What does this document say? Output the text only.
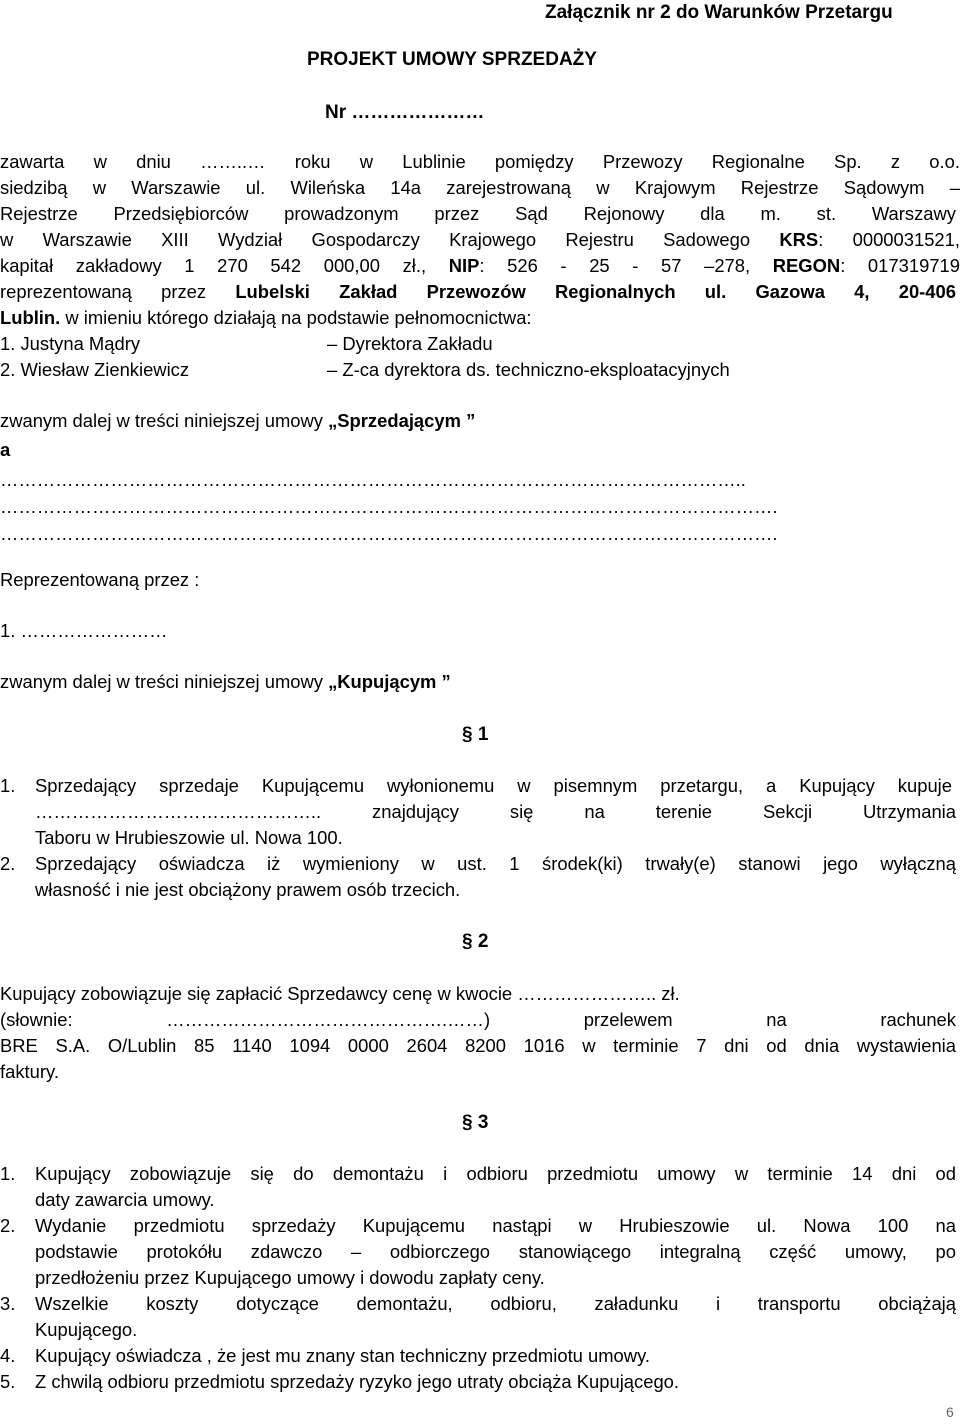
Załącznik nr 2 do Warunków Przetargu
PROJEKT UMOWY SPRZEDAŻY
Nr …………………
zawarta w dniu ……..… roku w Lublinie pomiędzy Przewozy Regionalne Sp. z o.o.
siedzibą w Warszawie ul. Wileńska 14a zarejestrowaną w Krajowym Rejestrze Sądowym –
Rejestrze Przedsiębiorców prowadzonym przez Sąd Rejonowy dla m. st. Warszawy
w Warszawie XIII Wydział Gospodarczy Krajowego Rejestru Sadowego KRS: 0000031521,
kapitał zakładowy 1 270 542 000,00 zł., NIP: 526 - 25 - 57 –278, REGON: 017319719
reprezentowaną przez Lubelski Zakład Przewozów Regionalnych ul. Gazowa 4, 20-406
Lublin. w imieniu którego działają na podstawie pełnomocnictwa:
1. Justyna Mądry	– Dyrektora Zakładu
2. Wiesław Zienkiewicz	– Z-ca dyrektora ds. techniczno-eksploatacyjnych
zwanym dalej w treści niniejszej umowy „Sprzedającym ”
a
…………………………………………………………………………………………………………..
……………………………………………………………………………………………………………….
……………………………………………………………………………………………………………….
Reprezentowaną przez :
1. ……………………
zwanym dalej w treści niniejszej umowy „Kupującym ”
§ 1
1. Sprzedający sprzedaje Kupującemu wyłonionemu w pisemnym przetargu, a Kupujący kupuje
……………………………………….. znajdujący się na terenie Sekcji Utrzymania
Taboru w Hrubieszowie ul. Nowa 100.
2. Sprzedający oświadcza iż wymieniony w ust. 1 środek(ki) trwały(e) stanowi jego wyłączną
własność i nie jest obciążony prawem osób trzecich.
§ 2
Kupujący zobowiązuje się zapłacić Sprzedawcy cenę w kwocie ………………….. zł.
(słownie: ……………………………………….……) przelewem na rachunek
BRE S.A. O/Lublin 85 1140 1094 0000 2604 8200 1016 w terminie 7 dni od dnia wystawienia
faktury.
§ 3
1. Kupujący zobowiązuje się do demontażu i odbioru przedmiotu umowy w terminie 14 dni od
daty zawarcia umowy.
2. Wydanie przedmiotu sprzedaży Kupującemu nastąpi w Hrubieszowie ul. Nowa 100 na
podstawie protokółu zdawczo – odbiorczego stanowiącego integralną część umowy, po
przedłożeniu przez Kupującego umowy i dowodu zapłaty ceny.
3. Wszelkie koszty dotyczące demontażu, odbioru, załadunku i transportu obciążają
Kupującego.
4. Kupujący oświadcza , że jest mu znany stan techniczny przedmiotu umowy.
5. Z chwilą odbioru przedmiotu sprzedaży ryzyko jego utraty obciąża Kupującego.
6
